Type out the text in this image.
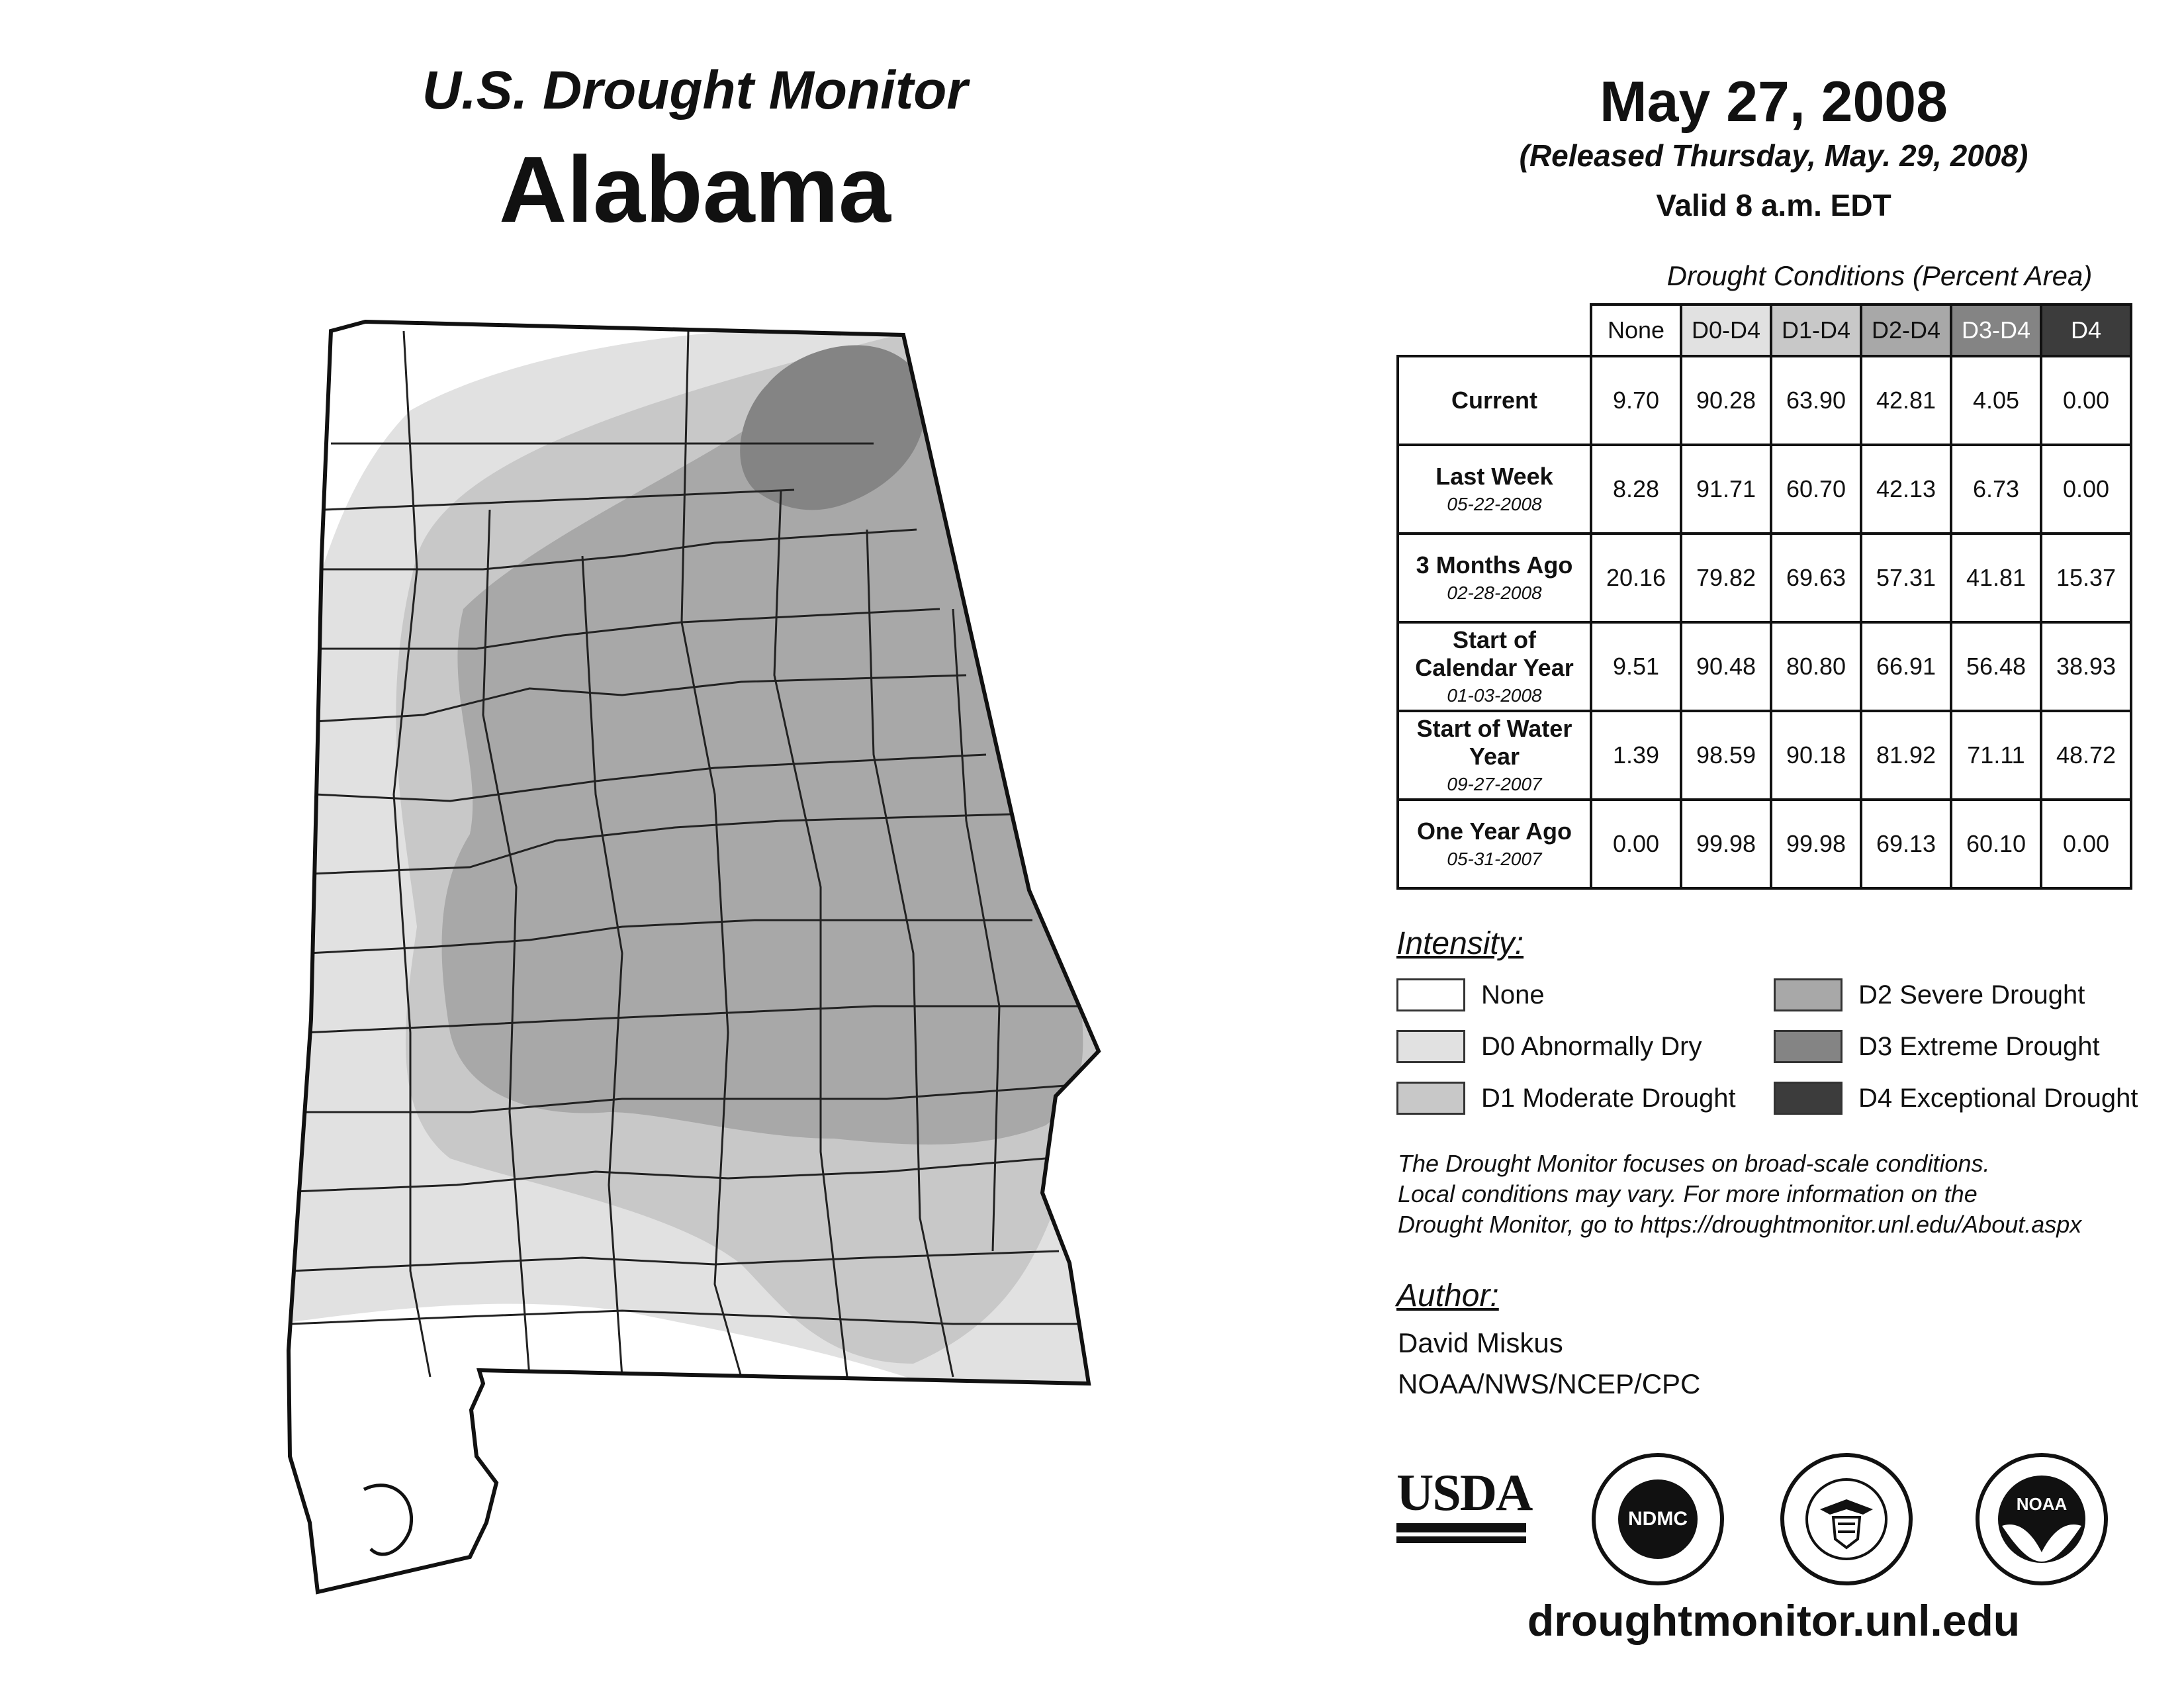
U.S. Drought Monitor
Alabama
May 27, 2008
(Released Thursday, May. 29, 2008)
Valid 8 a.m. EDT
Drought Conditions (Percent Area)
	None	D0-D4	D1-D4	D2-D4	D3-D4	D4
Current	9.70	90.28	63.90	42.81	4.05	0.00
Last Week
05-22-2008	8.28	91.71	60.70	42.13	6.73	0.00
3 Months Ago
02-28-2008	20.16	79.82	69.63	57.31	41.81	15.37
Start of Calendar Year
01-03-2008	9.51	90.48	80.80	66.91	56.48	38.93
Start of Water Year
09-27-2007	1.39	98.59	90.18	81.92	71.11	48.72
One Year Ago
05-31-2007	0.00	99.98	99.98	69.13	60.10	0.00
Intensity:
None
D0 Abnormally Dry
D1 Moderate Drought
D2 Severe Drought
D3 Extreme Drought
D4 Exceptional Drought
The Drought Monitor focuses on broad-scale conditions.
Local conditions may vary. For more information on the
Drought Monitor, go to https://droughtmonitor.unl.edu/About.aspx
Author:
David Miskus
NOAA/NWS/NCEP/CPC
USDA	NDMC
NOAA
droughtmonitor.unl.edu
